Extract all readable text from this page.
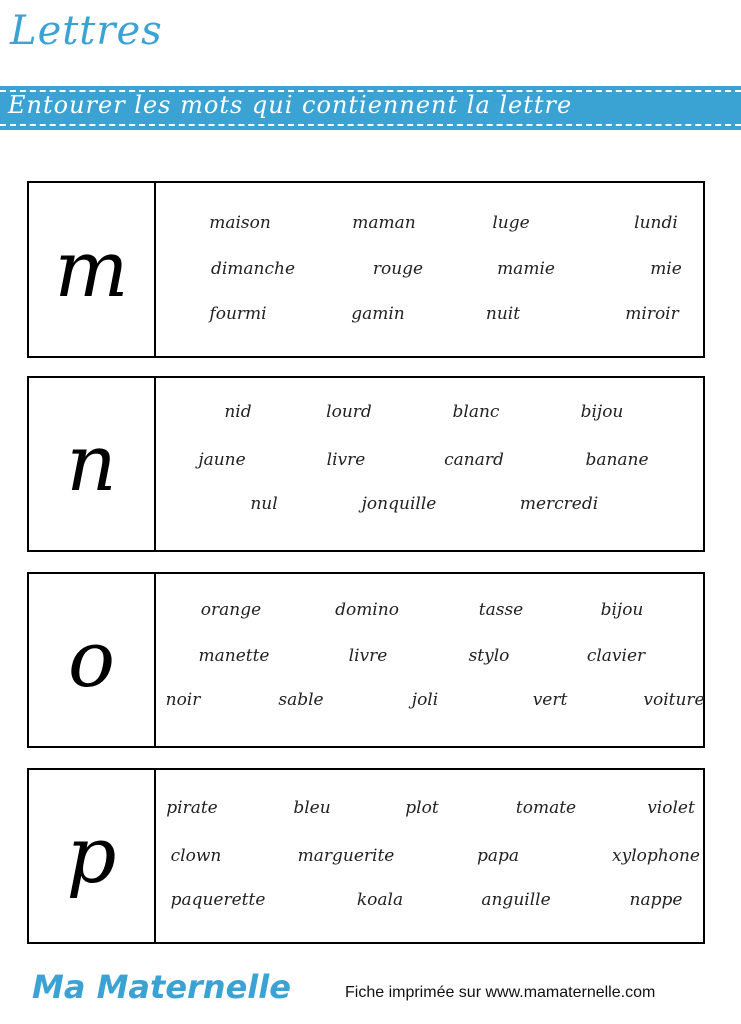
Lettres
Entourer les mots qui contiennent la lettre
m
maison	maman	luge	lundi
dimanche	rouge	mamie	mie
fourmi	gamin	nuit	miroir
n
nid	lourd	blanc	bijou
jaune	livre	canard	banane
nul	jonquille	mercredi
o
orange	domino	tasse	bijou
manette	livre	stylo	clavier
noir	sable	joli	vert	voiture
p
pirate	bleu	plot	tomate	violet
clown	marguerite	papa	xylophone
paquerette	koala	anguille	nappe
Ma Maternelle	Fiche imprimée sur www.mamaternelle.com
